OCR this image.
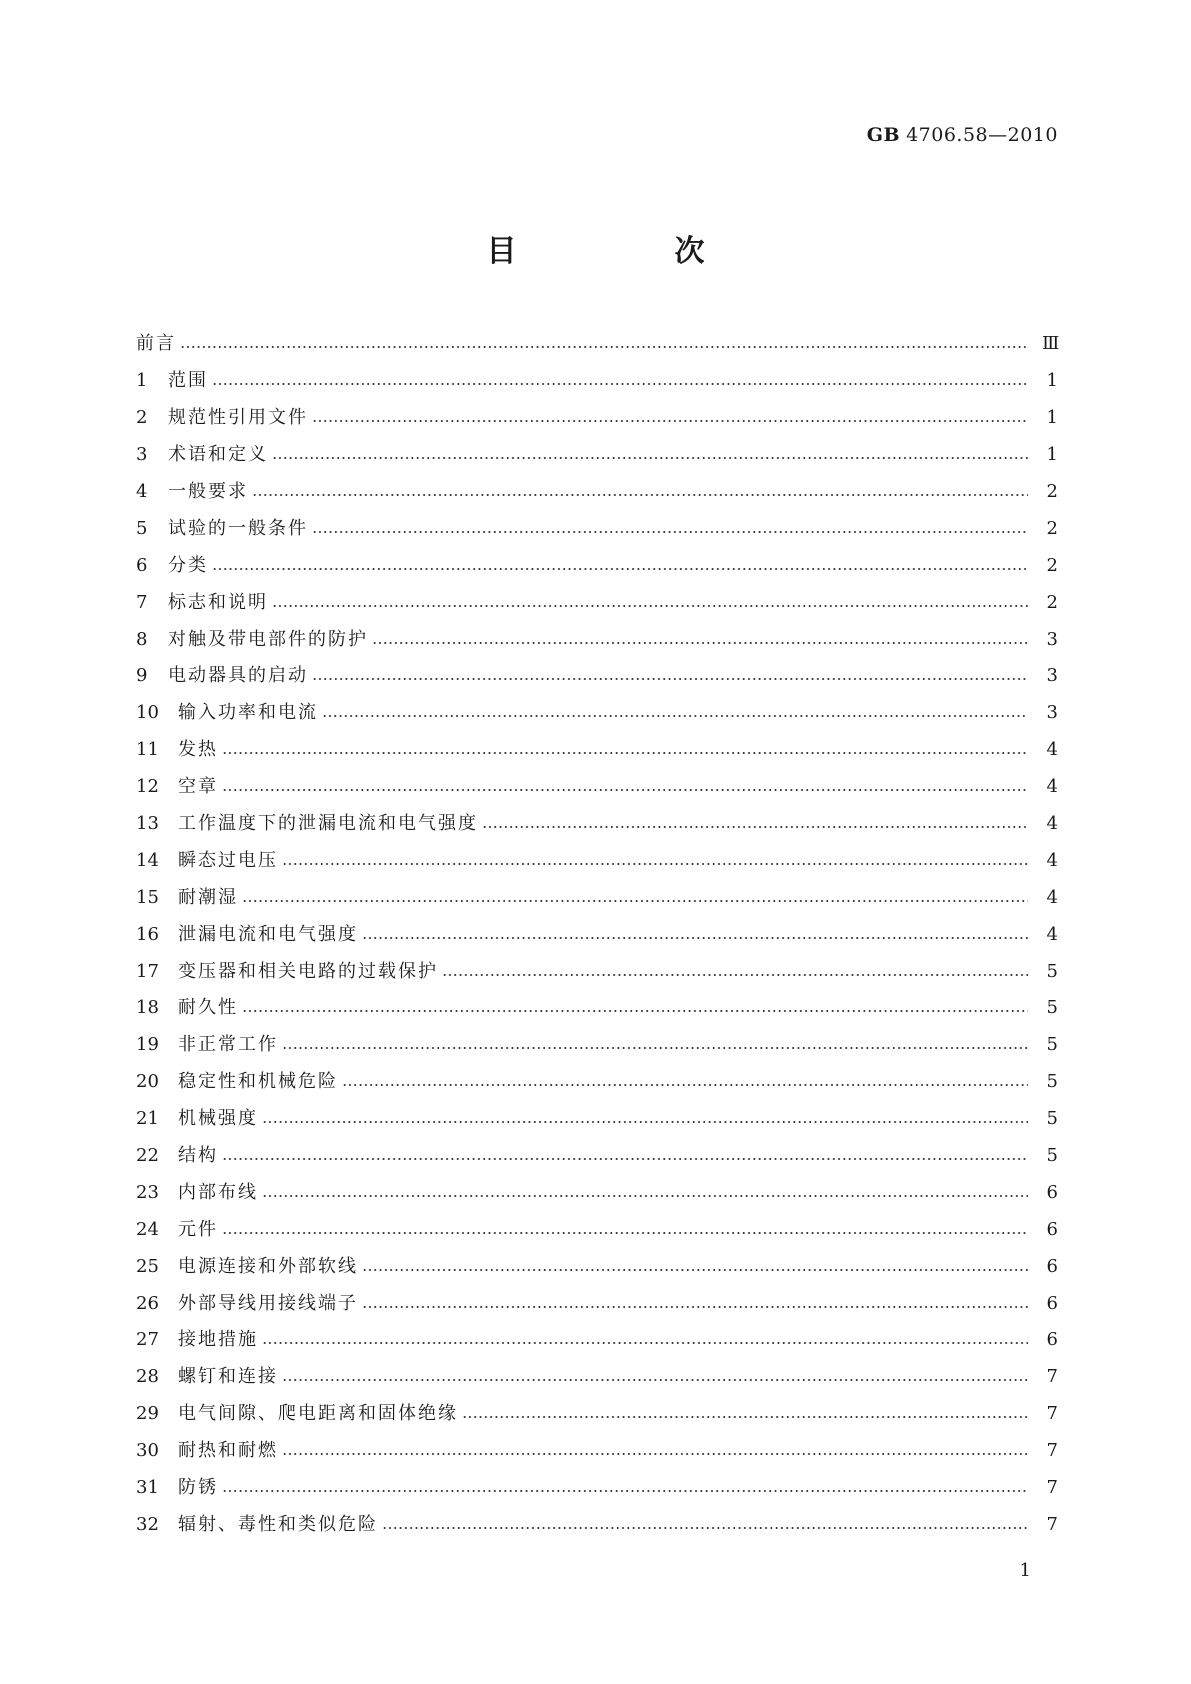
GB 4706.58—2010
目　次
前言	Ⅲ
1	范围	1
2	规范性引用文件	1
3	术语和定义	1
4	一般要求	2
5	试验的一般条件	2
6	分类	2
7	标志和说明	2
8	对触及带电部件的防护	3
9	电动器具的启动	3
10	输入功率和电流	3
11	发热	4
12	空章	4
13	工作温度下的泄漏电流和电气强度	4
14	瞬态过电压	4
15	耐潮湿	4
16	泄漏电流和电气强度	4
17	变压器和相关电路的过载保护	5
18	耐久性	5
19	非正常工作	5
20	稳定性和机械危险	5
21	机械强度	5
22	结构	5
23	内部布线	6
24	元件	6
25	电源连接和外部软线	6
26	外部导线用接线端子	6
27	接地措施	6
28	螺钉和连接	7
29	电气间隙、爬电距离和固体绝缘	7
30	耐热和耐燃	7
31	防锈	7
32	辐射、毒性和类似危险	7
1
